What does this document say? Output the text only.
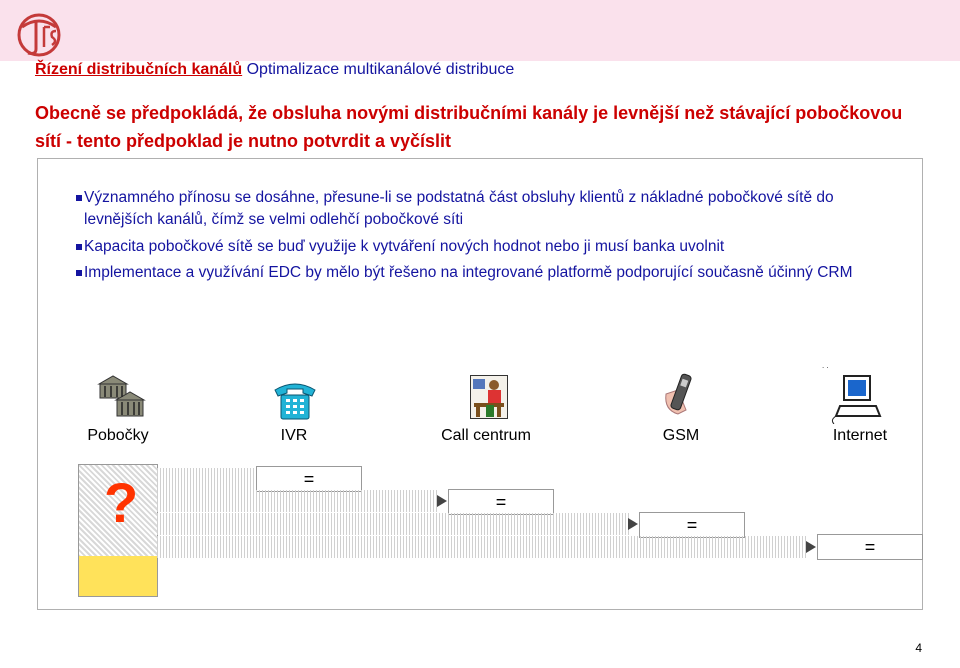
Řízení distribučních kanálů Optimalizace multikanálové distribuce
Obecně se předpokládá, že obsluha novými distribučními kanály je levnější než stávající pobočkovou sítí - tento předpoklad je nutno potvrdit a vyčíslit
Významného přínosu se dosáhne, přesune-li se podstatná část obsluhy klientů z nákladné pobočkové sítě do levnějších kanálů, čímž se velmi odlehčí pobočkové síti
Kapacita pobočkové sítě se buď využije k vytváření nových hodnot nebo ji musí banka uvolnit
Implementace a využívání EDC by mělo být řešeno na integrované platformě podporující současně účinný CRM
. .
Pobočky	IVR	Call centrum	GSM	Internet
?	=
=
=
=
4
